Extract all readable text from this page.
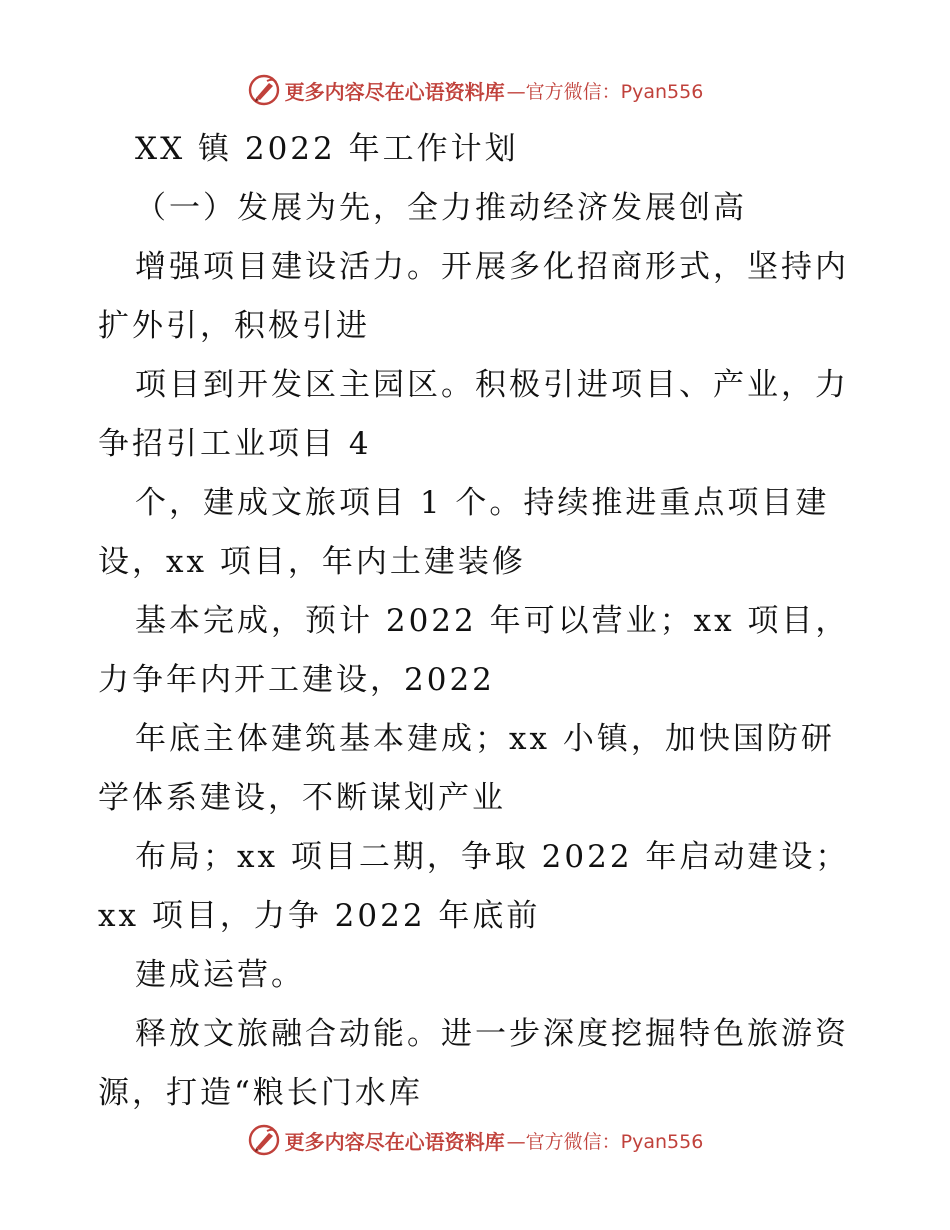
更多内容尽在心语资料库 —官方微信：Pyan556
XX 镇 2022 年工作计划
（一）发展为先，全力推动经济发展创高
增强项目建设活力。开展多化招商形式，坚持内
扩外引，积极引进
项目到开发区主园区。积极引进项目、产业，力
争招引工业项目 4
个，建成文旅项目 1 个。持续推进重点项目建
设，xx 项目，年内土建装修
基本完成，预计 2022 年可以营业；xx 项目，
力争年内开工建设，2022
年底主体建筑基本建成；xx 小镇，加快国防研
学体系建设，不断谋划产业
布局；xx 项目二期，争取 2022 年启动建设；
xx 项目，力争 2022 年底前
建成运营。
释放文旅融合动能。进一步深度挖掘特色旅游资
源，打造“粮长门水库
更多内容尽在心语资料库 —官方微信：Pyan556
